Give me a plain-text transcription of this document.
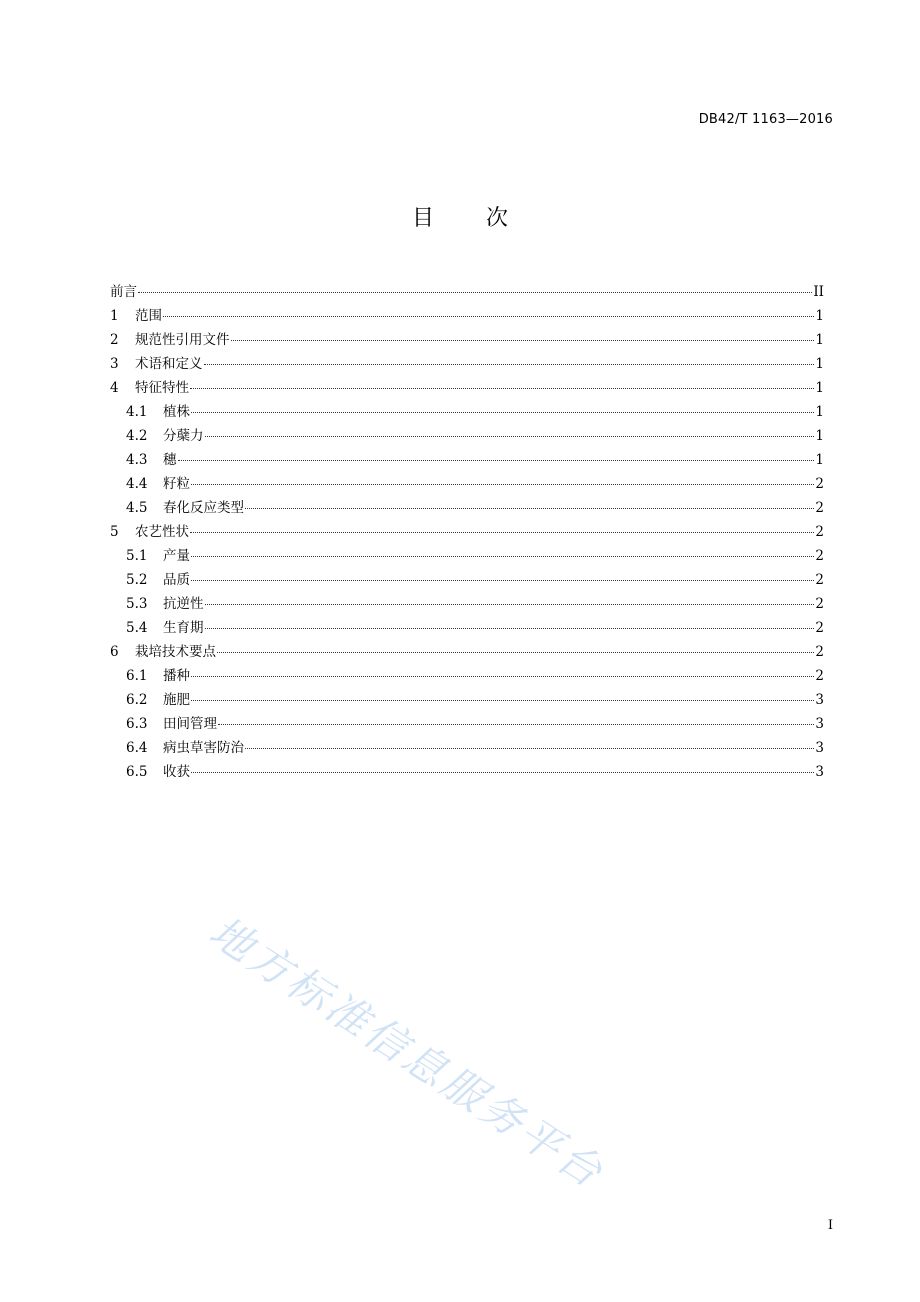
DB42/T 1163—2016
目 次
前言	II
1	范围	1
2	规范性引用文件	1
3	术语和定义	1
4	特征特性	1
4.1	植株	1
4.2	分蘖力	1
4.3	穗	1
4.4	籽粒	2
4.5	春化反应类型	2
5	农艺性状	2
5.1	产量	2
5.2	品质	2
5.3	抗逆性	2
5.4	生育期	2
6	栽培技术要点	2
6.1	播种	2
6.2	施肥	3
6.3	田间管理	3
6.4	病虫草害防治	3
6.5	收获	3
I
地方标准信息服务平台
